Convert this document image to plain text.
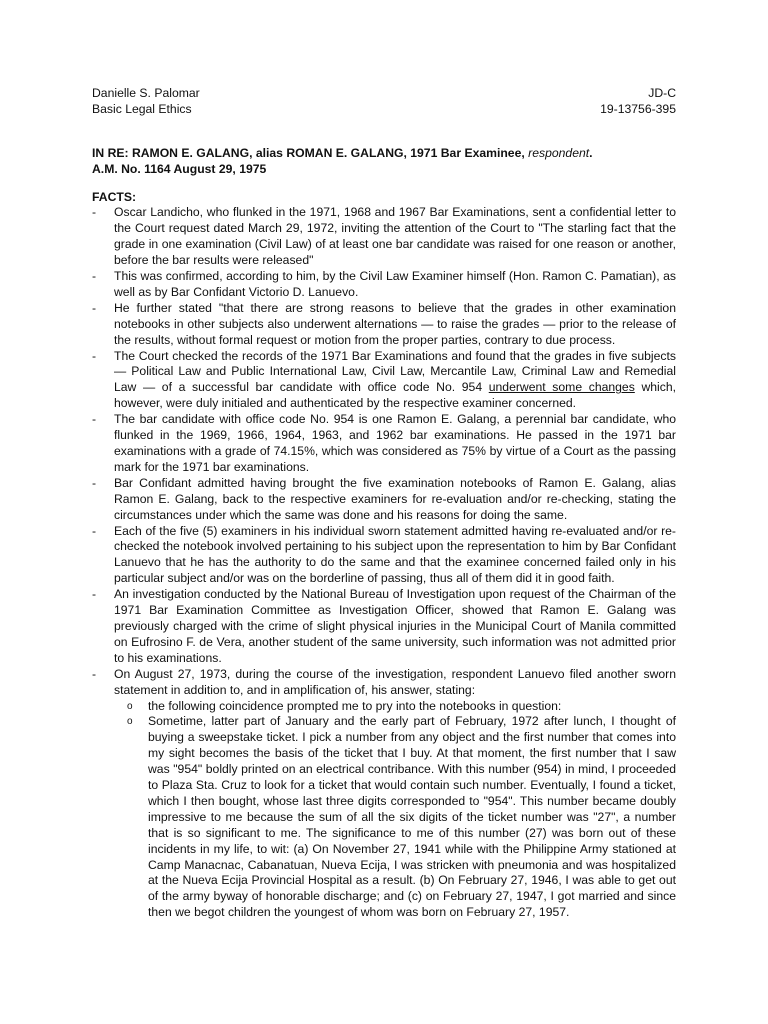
Danielle S. Palomar	JD-C
Basic Legal Ethics	19-13756-395
IN RE: RAMON E. GALANG, alias ROMAN E. GALANG, 1971 Bar Examinee, respondent.
A.M. No. 1164 August 29, 1975
FACTS:
- Oscar Landicho, who flunked in the 1971, 1968 and 1967 Bar Examinations, sent a confidential letter to the Court request dated March 29, 1972, inviting the attention of the Court to "The starling fact that the grade in one examination (Civil Law) of at least one bar candidate was raised for one reason or another, before the bar results were released"
- This was confirmed, according to him, by the Civil Law Examiner himself (Hon. Ramon C. Pamatian), as well as by Bar Confidant Victorio D. Lanuevo.
- He further stated "that there are strong reasons to believe that the grades in other examination notebooks in other subjects also underwent alternations — to raise the grades — prior to the release of the results, without formal request or motion from the proper parties, contrary to due process.
- The Court checked the records of the 1971 Bar Examinations and found that the grades in five subjects — Political Law and Public International Law, Civil Law, Mercantile Law, Criminal Law and Remedial Law — of a successful bar candidate with office code No. 954 underwent some changes which, however, were duly initialed and authenticated by the respective examiner concerned.
- The bar candidate with office code No. 954 is one Ramon E. Galang, a perennial bar candidate, who flunked in the 1969, 1966, 1964, 1963, and 1962 bar examinations. He passed in the 1971 bar examinations with a grade of 74.15%, which was considered as 75% by virtue of a Court as the passing mark for the 1971 bar examinations.
- Bar Confidant admitted having brought the five examination notebooks of Ramon E. Galang, alias Ramon E. Galang, back to the respective examiners for re-evaluation and/or re-checking, stating the circumstances under which the same was done and his reasons for doing the same.
- Each of the five (5) examiners in his individual sworn statement admitted having re-evaluated and/or re-checked the notebook involved pertaining to his subject upon the representation to him by Bar Confidant Lanuevo that he has the authority to do the same and that the examinee concerned failed only in his particular subject and/or was on the borderline of passing, thus all of them did it in good faith.
- An investigation conducted by the National Bureau of Investigation upon request of the Chairman of the 1971 Bar Examination Committee as Investigation Officer, showed that Ramon E. Galang was previously charged with the crime of slight physical injuries in the Municipal Court of Manila committed on Eufrosino F. de Vera, another student of the same university, such information was not admitted prior to his examinations.
- On August 27, 1973, during the course of the investigation, respondent Lanuevo filed another sworn statement in addition to, and in amplification of, his answer, stating:
o the following coincidence prompted me to pry into the notebooks in question:
o Sometime, latter part of January and the early part of February, 1972 after lunch, I thought of buying a sweepstake ticket. I pick a number from any object and the first number that comes into my sight becomes the basis of the ticket that I buy. At that moment, the first number that I saw was "954" boldly printed on an electrical contribance. With this number (954) in mind, I proceeded to Plaza Sta. Cruz to look for a ticket that would contain such number. Eventually, I found a ticket, which I then bought, whose last three digits corresponded to "954". This number became doubly impressive to me because the sum of all the six digits of the ticket number was "27", a number that is so significant to me. The significance to me of this number (27) was born out of these incidents in my life, to wit: (a) On November 27, 1941 while with the Philippine Army stationed at Camp Manacnac, Cabanatuan, Nueva Ecija, I was stricken with pneumonia and was hospitalized at the Nueva Ecija Provincial Hospital as a result. (b) On February 27, 1946, I was able to get out of the army byway of honorable discharge; and (c) on February 27, 1947, I got married and since then we begot children the youngest of whom was born on February 27, 1957.
